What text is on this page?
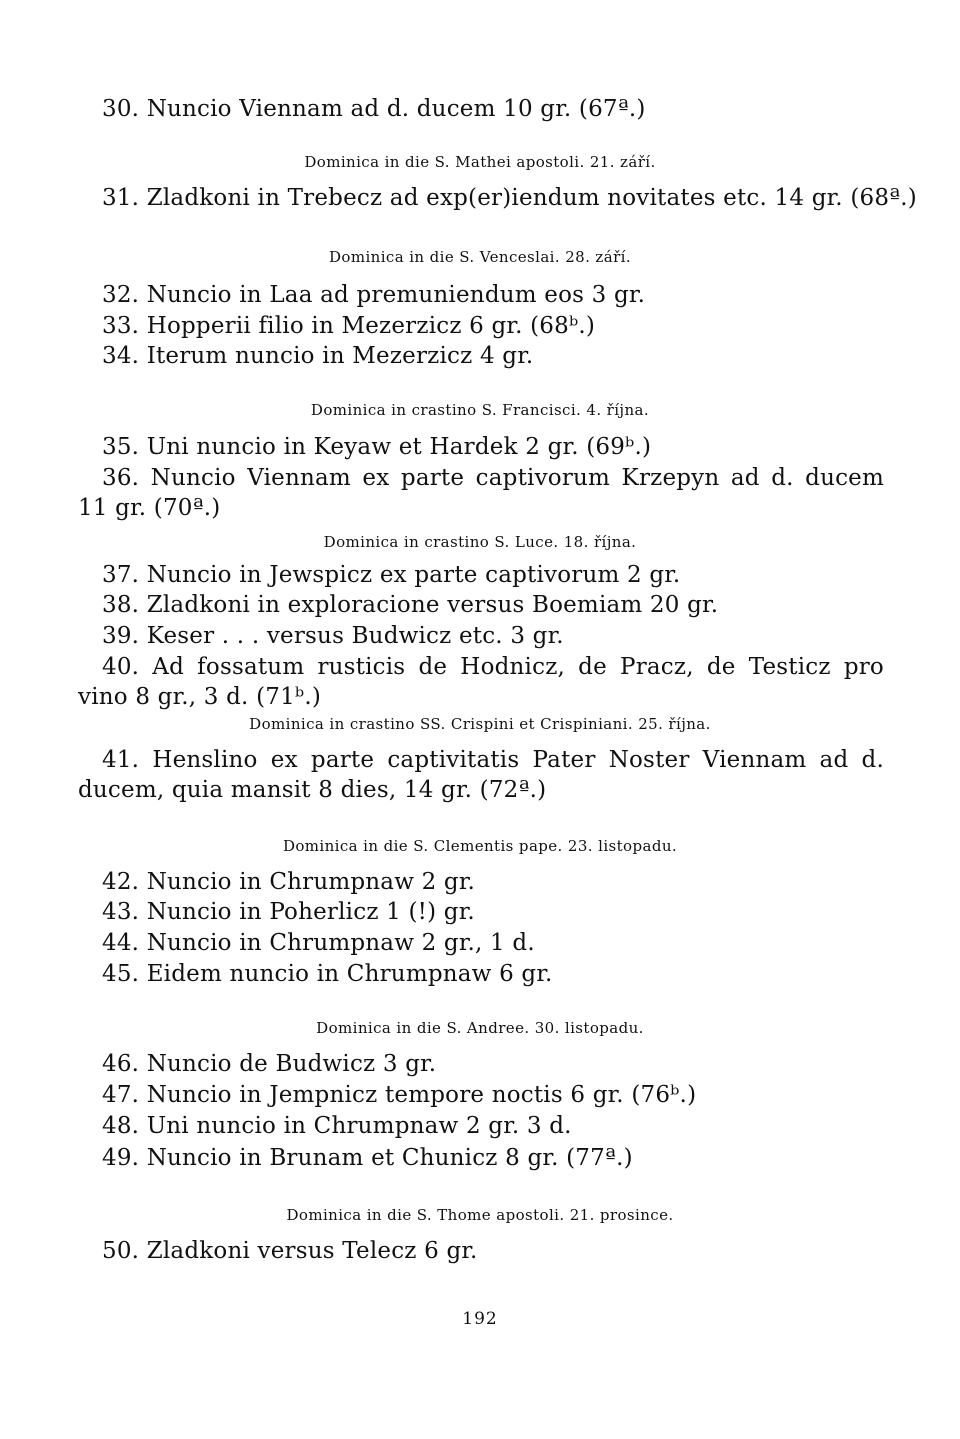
30. Nuncio Viennam ad d. ducem 10 gr. (67ª.)
Dominica in die S. Mathei apostoli. 21. září.
31. Zladkoni in Trebecz ad exp(er)iendum novitates etc. 14 gr. (68ª.)
Dominica in die S. Venceslai. 28. září.
32. Nuncio in Laa ad premuniendum eos 3 gr.
33. Hopperii filio in Mezerzicz 6 gr. (68ᵇ.)
34. Iterum nuncio in Mezerzicz 4 gr.
Dominica in crastino S. Francisci. 4. října.
35. Uni nuncio in Keyaw et Hardek 2 gr. (69ᵇ.)
36. Nuncio Viennam ex parte captivorum Krzepyn ad d. ducem 11 gr. (70ª.)
Dominica in crastino S. Luce. 18. října.
37. Nuncio in Jewspicz ex parte captivorum 2 gr.
38. Zladkoni in exploracione versus Boemiam 20 gr.
39. Keser . . . versus Budwicz etc. 3 gr.
40. Ad fossatum rusticis de Hodnicz, de Pracz, de Testicz pro vino 8 gr., 3 d. (71ᵇ.)
Dominica in crastino SS. Crispini et Crispiniani. 25. října.
41. Henslino ex parte captivitatis Pater Noster Viennam ad d. ducem, quia mansit 8 dies, 14 gr. (72ª.)
Dominica in die S. Clementis pape. 23. listopadu.
42. Nuncio in Chrumpnaw 2 gr.
43. Nuncio in Poherlicz 1 (!) gr.
44. Nuncio in Chrumpnaw 2 gr., 1 d.
45. Eidem nuncio in Chrumpnaw 6 gr.
Dominica in die S. Andree. 30. listopadu.
46. Nuncio de Budwicz 3 gr.
47. Nuncio in Jempnicz tempore noctis 6 gr. (76ᵇ.)
48. Uni nuncio in Chrumpnaw 2 gr. 3 d.
49. Nuncio in Brunam et Chunicz 8 gr. (77ª.)
Dominica in die S. Thome apostoli. 21. prosince.
50. Zladkoni versus Telecz 6 gr.
192
